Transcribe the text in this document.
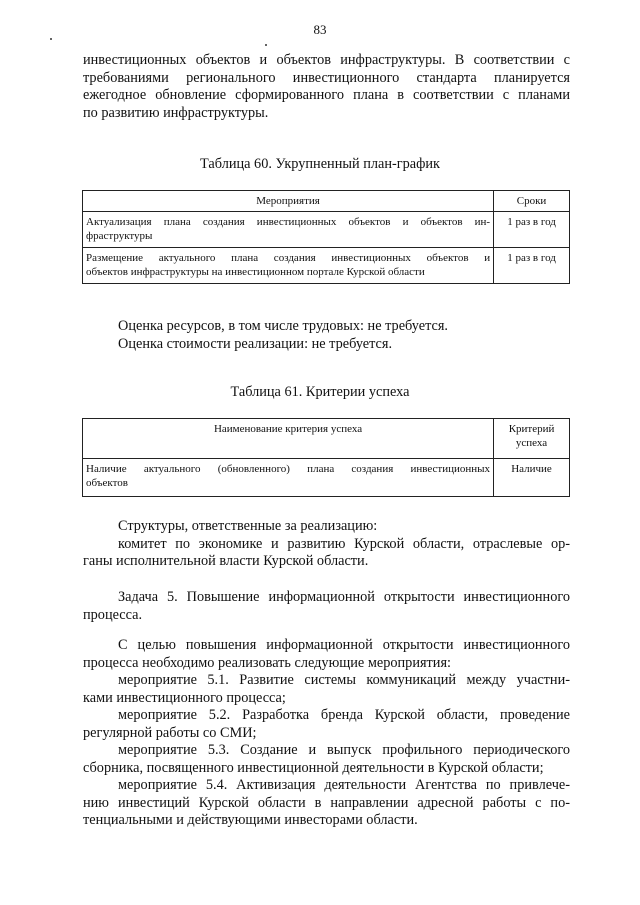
83

инвестиционных объектов и объектов инфраструктуры. В соответствии с

требованиями регионального инвестиционного стандарта планируется

ежегодное обновление сформированного плана в соответствии с планами

по развитию инфраструктуры.

Таблица 60. Укрупненный план-график
Мероприятия	Сроки

Актуализация плана создания инвестиционных объектов и объектов ин-
фраструктуры	1 раз в год

Размещение актуального плана создания инвестиционных объектов и
объектов инфраструктуры на инвестиционном портале Курской области	1 раз в год
Оценка ресурсов, в том числе трудовых: не требуется.
Оценка стоимости реализации: не требуется.
Таблица 61. Критерии успеха
Наименование критерия успеха	Критерий
успеха

Наличие актуального (обновленного) плана создания инвестиционных
объектов	Наличие

Структуры, ответственные за реализацию:

комитет по экономике и развитию Курской области, отраслевые ор-

ганы исполнительной власти Курской области.

Задача 5. Повышение информационной открытости инвестиционного

процесса.

С целью повышения информационной открытости инвестиционного

процесса необходимо реализовать следующие мероприятия:

мероприятие 5.1. Развитие системы коммуникаций между участни-

ками инвестиционного процесса;

мероприятие 5.2. Разработка бренда Курской области, проведение

регулярной работы со СМИ;

мероприятие 5.3. Создание и выпуск профильного периодического

сборника, посвященного инвестиционной деятельности в Курской области;

мероприятие 5.4. Активизация деятельности Агентства по привлече-

нию инвестиций Курской области в направлении адресной работы с по-

тенциальными и действующими инвесторами области.
